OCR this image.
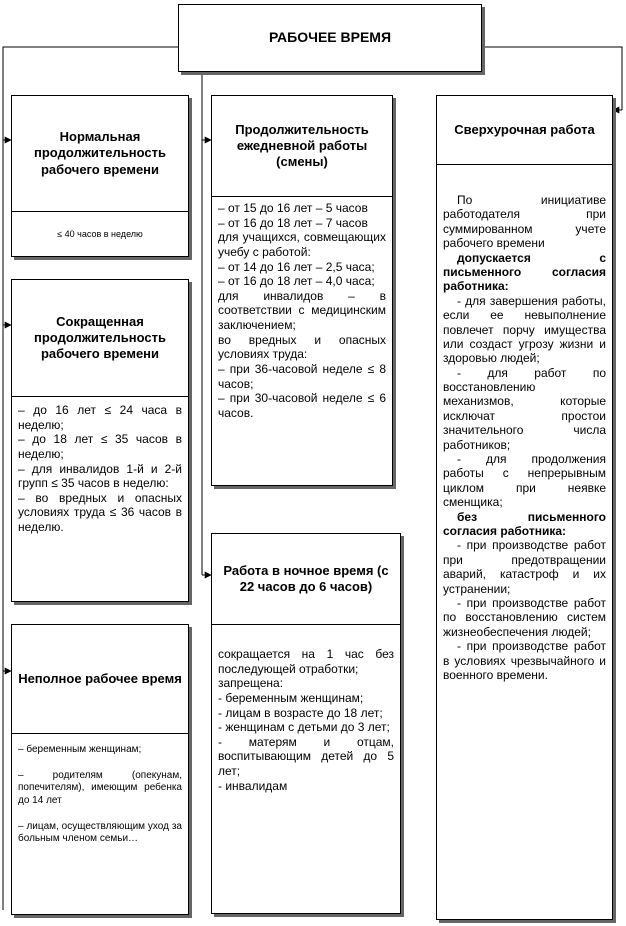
РАБОЧЕЕ ВРЕМЯ
Нормальная продолжительность рабочего времени
≤ 40 часов в неделю
Сокращенная продолжительность рабочего времени
– до 16 лет ≤ 24 часа в неделю;
– до 18 лет ≤ 35 часов в неделю;
– для инвалидов 1-й и 2-й групп ≤ 35 часов в неделю:
– во вредных и опасных условиях труда ≤ 36 часов в неделю.
Неполное рабочее время
– беременным женщинам;
– родителям (опекунам, попечителям), имеющим ребенка до 14 лет
– лицам, осуществляющим уход за больным членом семьи…
Продолжительность ежедневной работы (смены)
– от 15 до 16 лет – 5 часов
– от 16 до 18 лет – 7 часов
для учащихся, совмещающих учебу с работой:
– от 14 до 16 лет – 2,5 часа;
– от 16 до 18 лет – 4,0 часа;
для инвалидов – в соответствии с медицинским заключением;
во вредных и опасных условиях труда:
– при 36-часовой неделе ≤ 8 часов;
– при 30-часовой неделе ≤ 6 часов.
Работа в ночное время (с 22 часов до 6 часов)
сокращается на 1 час без последующей отработки;
запрещена:
- беременным женщинам;
- лицам в возрасте до 18 лет;
- женщинам с детьми до 3 лет;
- матерям и отцам, воспитывающим детей до 5 лет;
- инвалидам
Сверхурочная работа
По инициативе работодателя при суммированном учете рабочего времени
допускается с письменного согласия работника:
- для завершения работы, если ее невыполнение повлечет порчу имущества или создаст угрозу жизни и здоровью людей;
- для работ по восстановлению механизмов, которые исключат простои значительного числа работников;
- для продолжения работы с непрерывным циклом при неявке сменщика;
без письменного согласия работника:
- при производстве работ при предотвращении аварий, катастроф и их устранении;
- при производстве работ по восстановлению систем жизнеобеспечения людей;
- при производстве работ в условиях чрезвычайного и военного времени.
